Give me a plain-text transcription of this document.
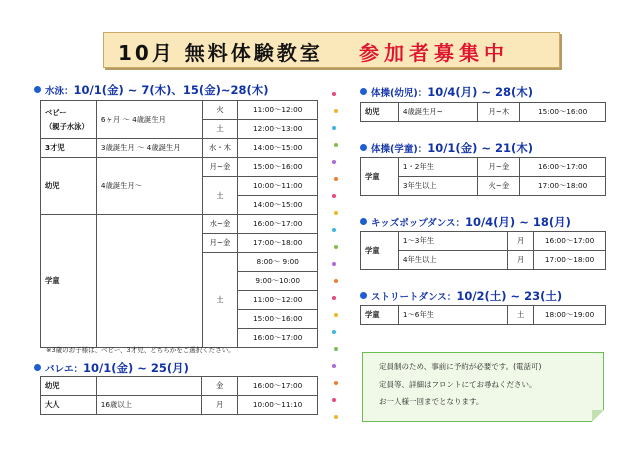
10月 無料体験教室 参加者募集中
水泳：10/1(金) ~ 7(木)、15(金)~28(木)
ベビー
（親子水泳）	6ヶ月 ～ 4歳誕生月	火	11:00～12:00
		土	12:00～13:00
3才児	3歳誕生月 ～ 4歳誕生月	水・木	14:00～15:00
幼児	4歳誕生月～	月~金	15:00～16:00
		土	10:00～11:00
			14:00～15:00
学童		水~金	16:00～17:00
		月~金	17:00～18:00
		土	8:00～ 9:00
			9:00～10:00
			11:00～12:00
			15:00～16:00
			16:00～17:00
※3歳のお子様は、ベビー、3才児、どちらかをご選択ください。
バレエ：10/1(金) ~ 25(月)
幼児		金	16:00～17:00
大人	16歳以上	月	10:00～11:10
体操(幼児)：10/4(月) ~ 28(木)
幼児	4歳誕生月~	月~木	15:00～16:00
体操(学童)：10/1(金) ~ 21(木)
学童	1・2年生	月~金	16:00～17:00
	3年生以上	火~金	17:00～18:00
キッズポップダンス：10/4(月) ~ 18(月)
学童	1～3年生	月	16:00～17:00
	4年生以上	月	17:00～18:00
ストリートダンス：10/2(土) ~ 23(土)
学童	1～6年生	土	18:00～19:00
定員制のため、事前に予約が必要です。(電話可)
定員等、詳細はフロントにてお尋ねください。
お一人様一回までとなります。
